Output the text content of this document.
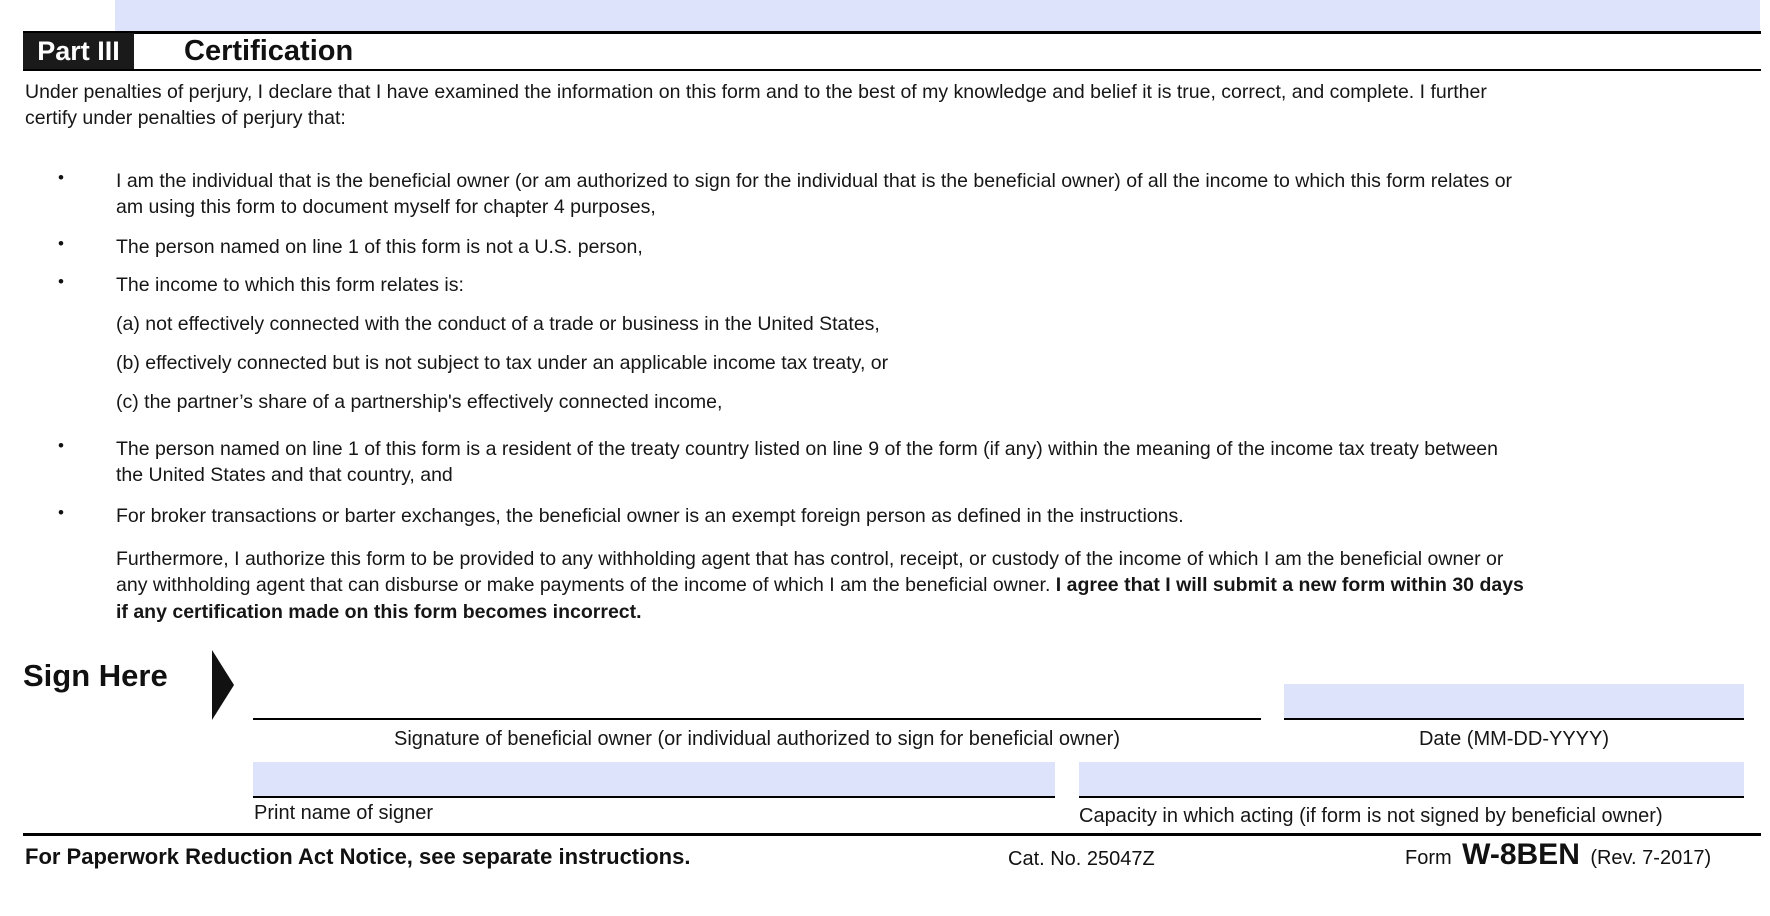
Part III	Certification
Under penalties of perjury, I declare that I have examined the information on this form and to the best of my knowledge and belief it is true, correct, and complete. I further
certify under penalties of perjury that:
•	I am the individual that is the beneficial owner (or am authorized to sign for the individual that is the beneficial owner) of all the income to which this form relates or
am using this form to document myself for chapter 4 purposes,
•	The person named on line 1 of this form is not a U.S. person,
•	The income to which this form relates is:
(a) not effectively connected with the conduct of a trade or business in the United States,
(b) effectively connected but is not subject to tax under an applicable income tax treaty, or
(c) the partner’s share of a partnership's effectively connected income,
•	The person named on line 1 of this form is a resident of the treaty country listed on line 9 of the form (if any) within the meaning of the income tax treaty between
the United States and that country, and
•	For broker transactions or barter exchanges, the beneficial owner is an exempt foreign person as defined in the instructions.
Furthermore, I authorize this form to be provided to any withholding agent that has control, receipt, or custody of the income of which I am the beneficial owner or
any withholding agent that can disburse or make payments of the income of which I am the beneficial owner. I agree that I will submit a new form within 30 days
if any certification made on this form becomes incorrect.
Sign Here
Signature of beneficial owner (or individual authorized to sign for beneficial owner)	Date (MM-DD-YYYY)
Print name of signer	Capacity in which acting (if form is not signed by beneficial owner)
For Paperwork Reduction Act Notice, see separate instructions.	Cat. No. 25047Z	Form W-8BEN (Rev. 7-2017)
